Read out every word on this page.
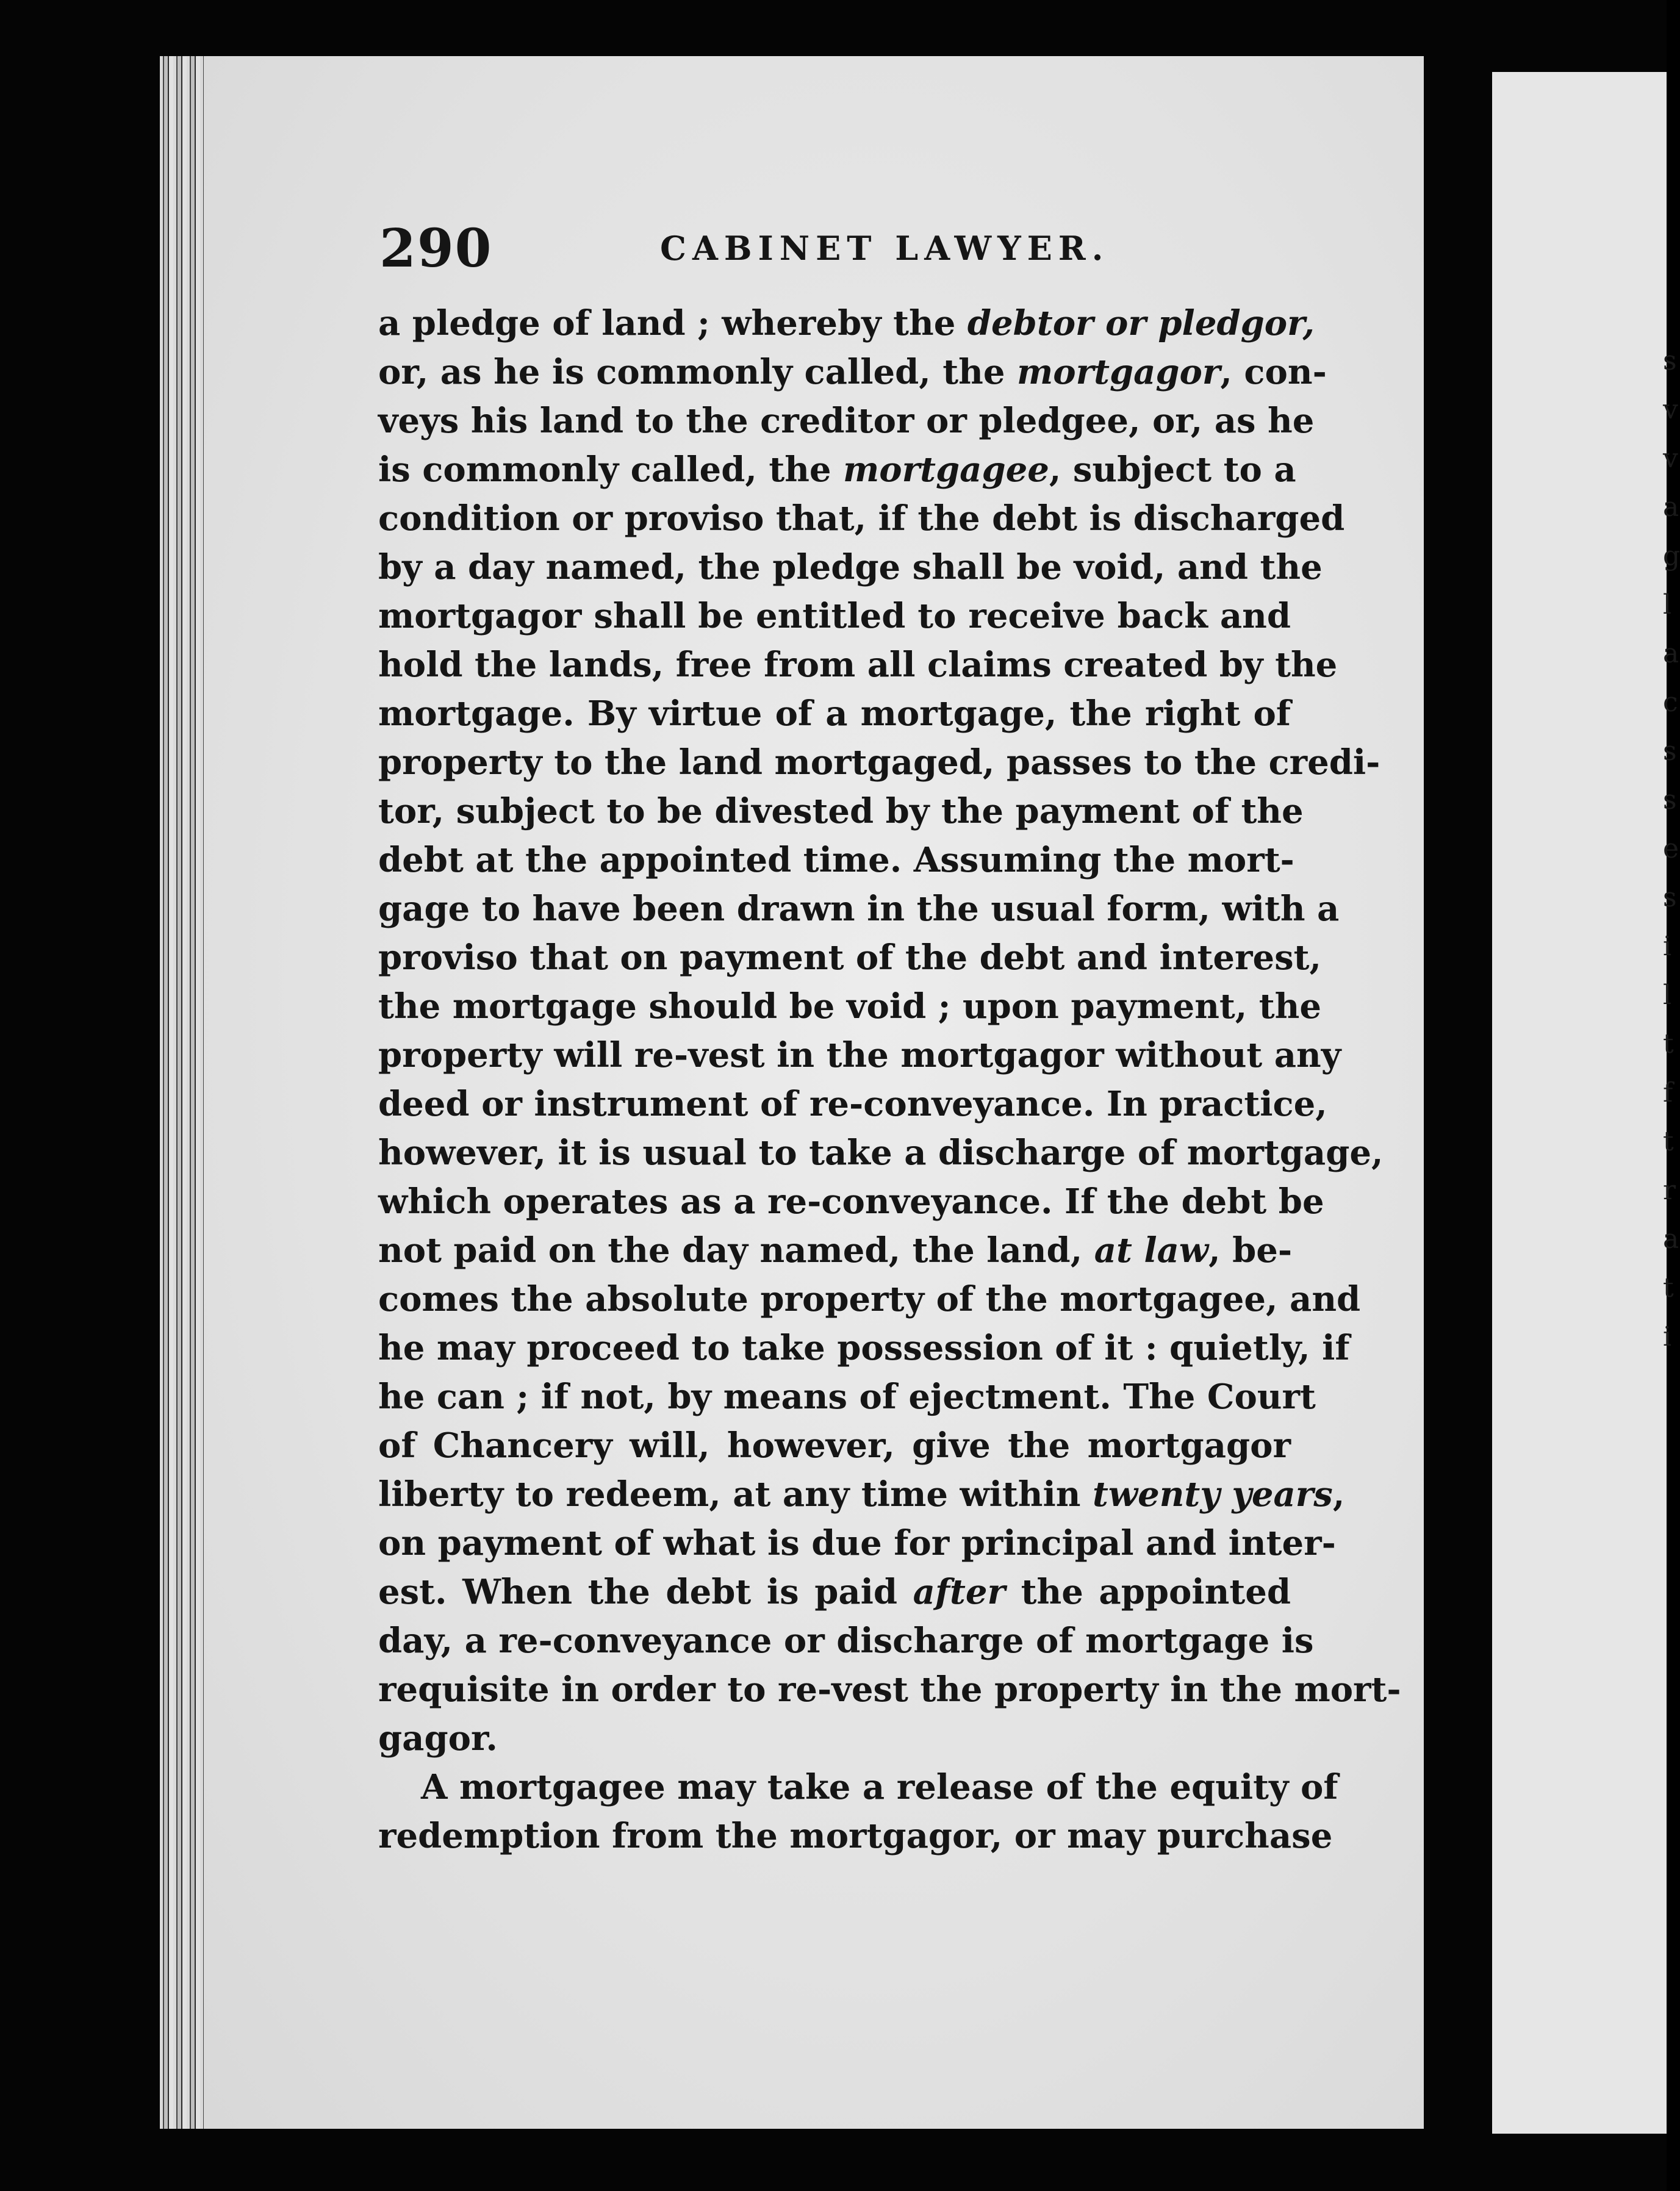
290	CABINET LAWYER.
a pledge of land ; whereby the debtor or pledgor,
or, as he is commonly called, the mortgagor, con-
veys his land to the creditor or pledgee, or, as he
is commonly called, the mortgagee, subject to a
condition or proviso that, if the debt is discharged
by a day named, the pledge shall be void, and the
mortgagor shall be entitled to receive back and
hold the lands, free from all claims created by the
mortgage. By virtue of a mortgage, the right of
property to the land mortgaged, passes to the credi-
tor, subject to be divested by the payment of the
debt at the appointed time. Assuming the mort-
gage to have been drawn in the usual form, with a
proviso that on payment of the debt and interest,
the mortgage should be void ; upon payment, the
property will re-vest in the mortgagor without any
deed or instrument of re-conveyance. In practice,
however, it is usual to take a discharge of mortgage,
which operates as a re-conveyance. If the debt be
not paid on the day named, the land, at law, be-
comes the absolute property of the mortgagee, and
he may proceed to take possession of it : quietly, if
he can ; if not, by means of ejectment. The Court
of Chancery will, however, give the mortgagor
liberty to redeem, at any time within twenty years,
on payment of what is due for principal and inter-
est. When the debt is paid after the appointed
day, a re-conveyance or discharge of mortgage is
requisite in order to re-vest the property in the mort-
gagor.
A mortgagee may take a release of the equity of
redemption from the mortgagor, or may purchase
s
v
v
a
g
l
a
c
s
s
e
s
i
l
t
f
t
r
a
t
i
